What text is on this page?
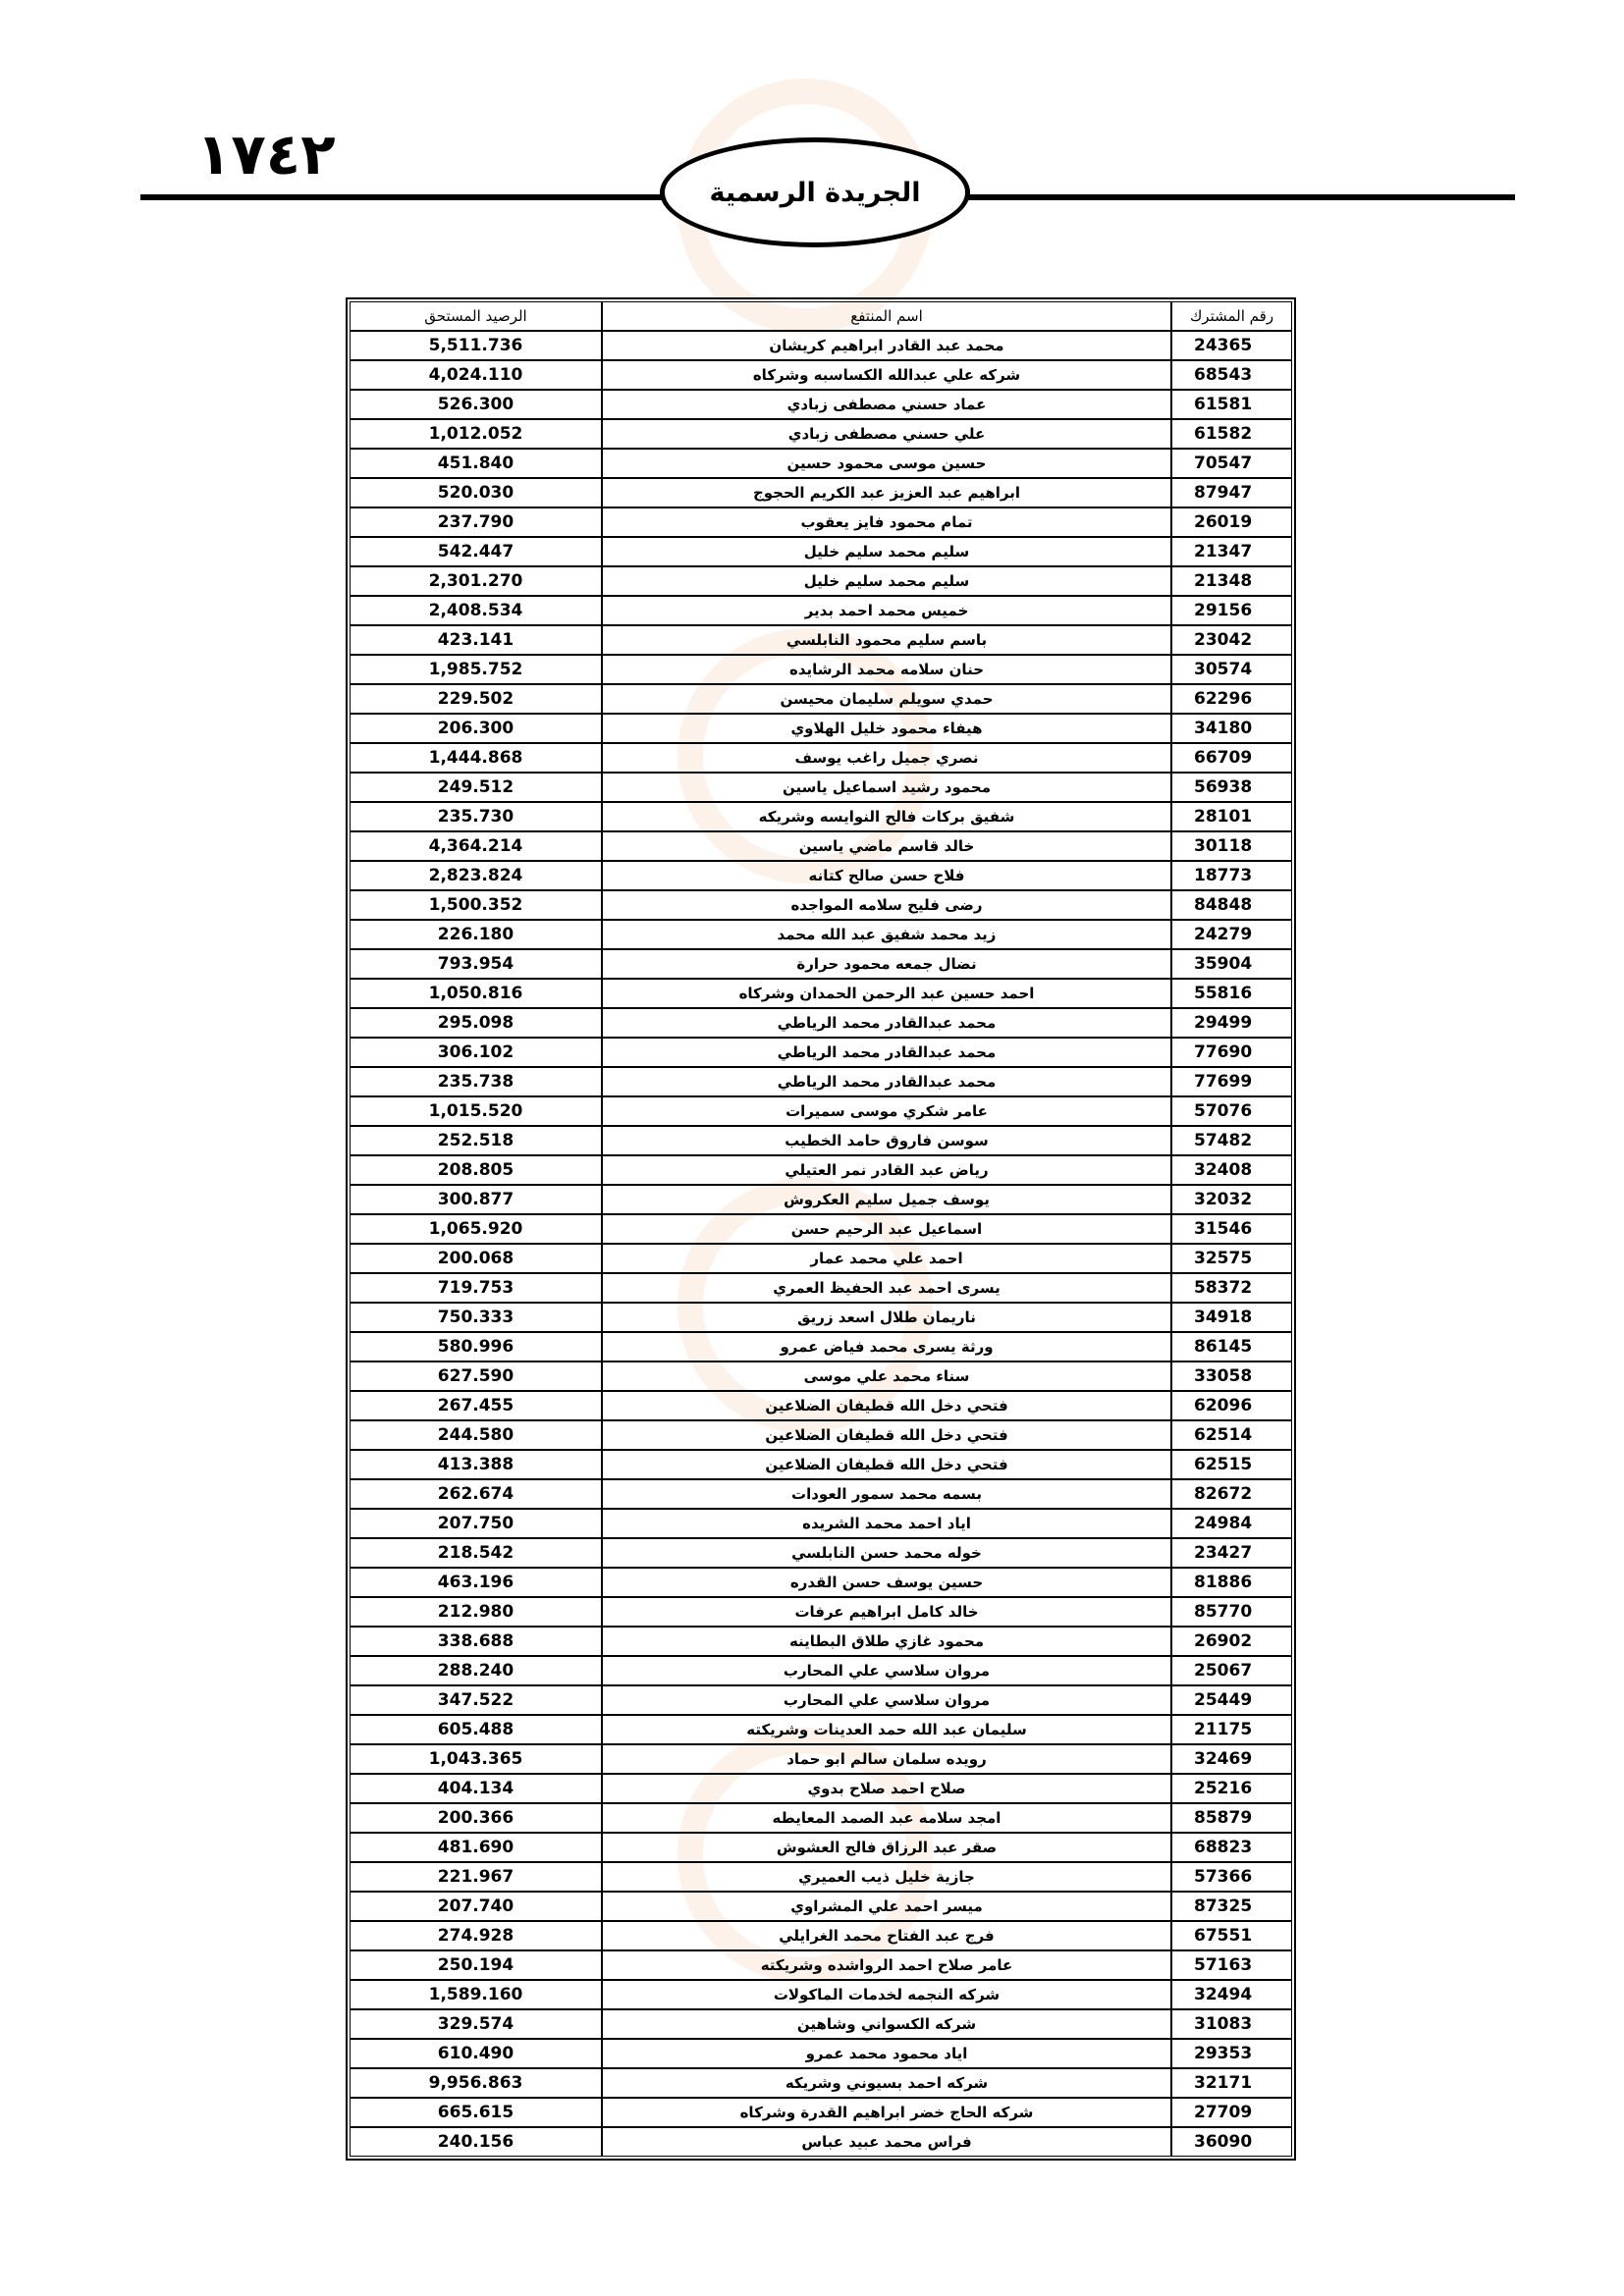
١٧٤٢
الجريدة الرسمية
الرصيد المستحق	اسم المنتفع	رقم المشترك
5,511.736	محمد عبد القادر ابراهيم كريشان	24365
4,024.110	شركه علي عبدالله الكساسبه وشركاه	68543
526.300	عماد حسني مصطفى زبادي	61581
1,012.052	علي حسني مصطفى زبادي	61582
451.840	حسين موسى محمود حسين	70547
520.030	ابراهيم عبد العزيز عبد الكريم الحجوج	87947
237.790	تمام محمود فايز يعقوب	26019
542.447	سليم محمد سليم خليل	21347
2,301.270	سليم محمد سليم خليل	21348
2,408.534	خميس محمد احمد بدير	29156
423.141	باسم سليم محمود النابلسي	23042
1,985.752	حنان سلامه محمد الرشايده	30574
229.502	حمدي سويلم سليمان محيسن	62296
206.300	هيفاء محمود خليل الهلاوي	34180
1,444.868	نصري جميل راغب يوسف	66709
249.512	محمود رشيد اسماعيل ياسين	56938
235.730	شفيق بركات فالح النوايسه وشريكه	28101
4,364.214	خالد قاسم ماضي ياسين	30118
2,823.824	فلاح حسن صالح كتانه	18773
1,500.352	رضى فليح سلامه المواجده	84848
226.180	زيد محمد شفيق عبد الله محمد	24279
793.954	نضال جمعه محمود حرارة	35904
1,050.816	احمد حسين عبد الرحمن الحمدان وشركاه	55816
295.098	محمد عبدالقادر محمد الرياطي	29499
306.102	محمد عبدالقادر محمد الرياطي	77690
235.738	محمد عبدالقادر محمد الرياطي	77699
1,015.520	عامر شكري موسى سميرات	57076
252.518	سوسن فاروق حامد الخطيب	57482
208.805	رياض عبد القادر نمر العتيلي	32408
300.877	يوسف جميل سليم العكروش	32032
1,065.920	اسماعيل عبد الرحيم حسن	31546
200.068	احمد علي محمد عمار	32575
719.753	يسرى احمد عبد الحفيظ العمري	58372
750.333	ناريمان طلال اسعد زريق	34918
580.996	ورثة يسرى محمد فياض عمرو	86145
627.590	سناء محمد علي موسى	33058
267.455	فتحي دخل الله قطيفان الضلاعين	62096
244.580	فتحي دخل الله قطيفان الضلاعين	62514
413.388	فتحي دخل الله قطيفان الضلاعين	62515
262.674	بسمه محمد سمور العودات	82672
207.750	اياد احمد محمد الشريده	24984
218.542	خوله محمد حسن النابلسي	23427
463.196	حسين يوسف حسن القدره	81886
212.980	خالد كامل ابراهيم عرفات	85770
338.688	محمود غازي طلاق البطاينه	26902
288.240	مروان سلاسي علي المحارب	25067
347.522	مروان سلاسي علي المحارب	25449
605.488	سليمان عبد الله حمد العدينات وشريكته	21175
1,043.365	رويده سلمان سالم ابو حماد	32469
404.134	صلاح احمد صلاح بدوي	25216
200.366	امجد سلامه عبد الصمد المعايطه	85879
481.690	صقر عبد الرزاق فالح العشوش	68823
221.967	جازية خليل ذيب العميري	57366
207.740	ميسر احمد علي المشراوي	87325
274.928	فرج عبد الفتاح محمد الغرايلي	67551
250.194	عامر صلاح احمد الرواشده وشريكته	57163
1,589.160	شركه النجمه لخدمات الماكولات	32494
329.574	شركه الكسواني وشاهين	31083
610.490	اياد محمود محمد عمرو	29353
9,956.863	شركه احمد بسيوني وشريكه	32171
665.615	شركه الحاج خضر ابراهيم القدرة وشركاه	27709
240.156	فراس محمد عبيد عباس	36090
